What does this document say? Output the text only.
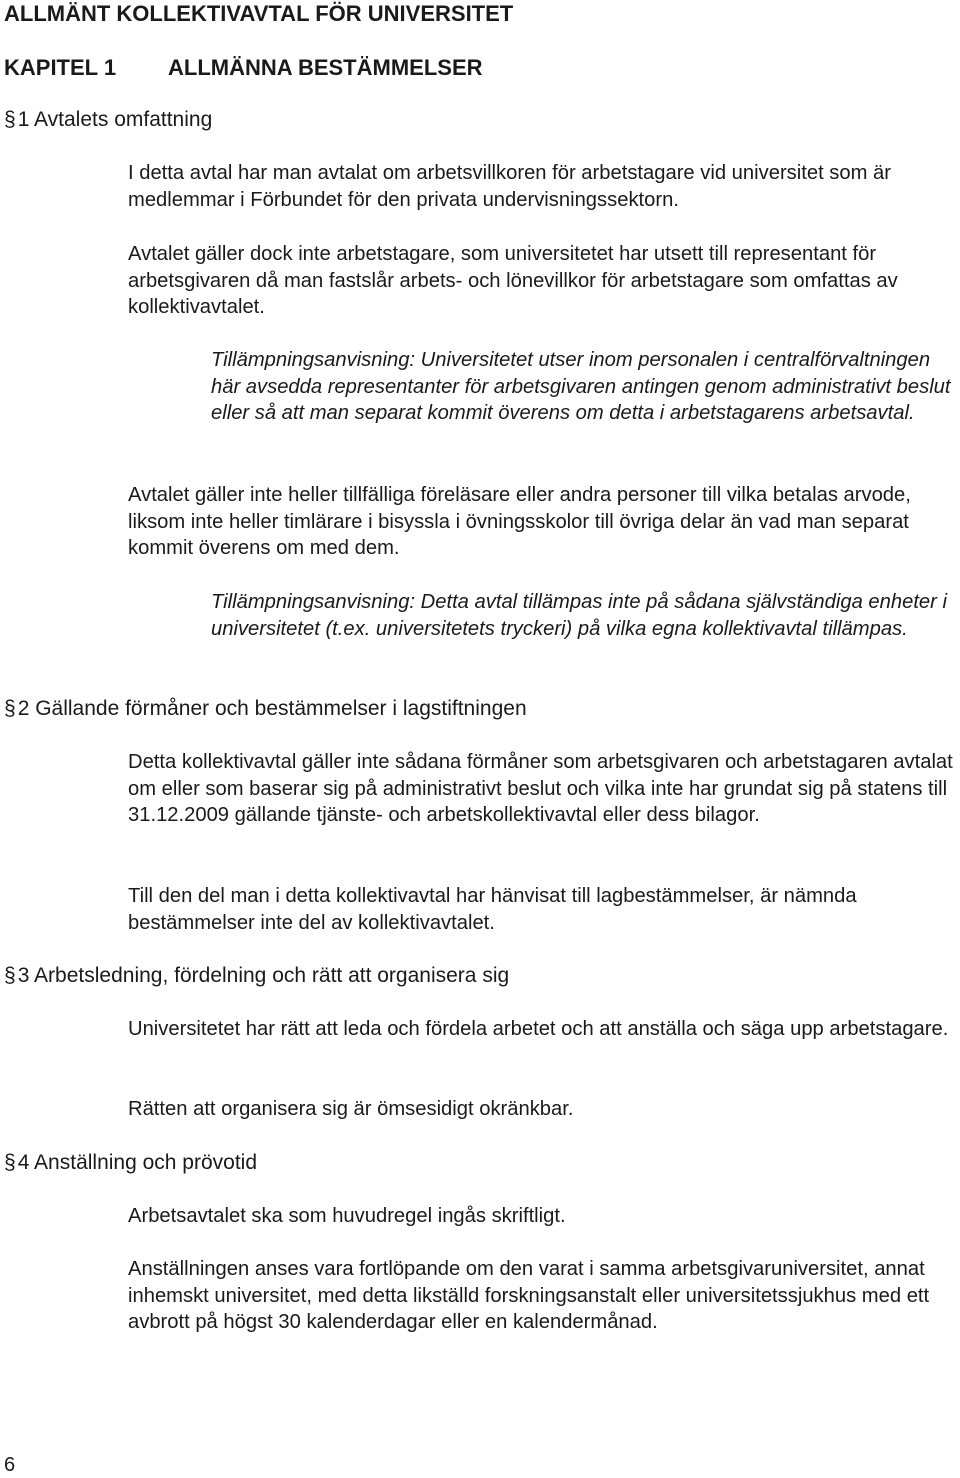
ALLMÄNT KOLLEKTIVAVTAL FÖR UNIVERSITET
KAPITEL 1 ALLMÄNNA BESTÄMMELSER
§1 Avtalets omfattning

I detta avtal har man avtalat om arbetsvillkoren för arbetstagare vid universitet som är medlemmar i Förbundet för den privata undervisningssektorn.

Avtalet gäller dock inte arbetstagare, som universitetet har utsett till representant för arbetsgivaren då man fastslår arbets- och lönevillkor för arbetstagare som omfattas av kollektivavtalet.

Tillämpningsanvisning: Universitetet utser inom personalen i centralförvaltningen här avsedda representanter för arbetsgivaren antingen genom administrativt beslut eller så att man separat kommit överens om detta i arbetstagarens arbetsavtal.

Avtalet gäller inte heller tillfälliga föreläsare eller andra personer till vilka betalas arvode, liksom inte heller timlärare i bisyssla i övningsskolor till övriga delar än vad man separat kommit överens om med dem.

Tillämpningsanvisning: Detta avtal tillämpas inte på sådana självständiga enheter i universitetet (t.ex. universitetets tryckeri) på vilka egna kollektivavtal tillämpas.

§2 Gällande förmåner och bestämmelser i lagstiftningen

Detta kollektivavtal gäller inte sådana förmåner som arbetsgivaren och arbetstagaren avtalat om eller som baserar sig på administrativt beslut och vilka inte har grundat sig på statens till 31.12.2009 gällande tjänste- och arbetskollektivavtal eller dess bilagor.

Till den del man i detta kollektivavtal har hänvisat till lagbestämmelser, är nämnda bestämmelser inte del av kollektivavtalet.

§3 Arbetsledning, fördelning och rätt att organisera sig

Universitetet har rätt att leda och fördela arbetet och att anställa och säga upp arbetstagare.

Rätten att organisera sig är ömsesidigt okränkbar.

§4 Anställning och prövotid

Arbetsavtalet ska som huvudregel ingås skriftligt.

Anställningen anses vara fortlöpande om den varat i samma arbetsgivaruniversitet, annat inhemskt universitet, med detta likställd forskningsanstalt eller universitetssjukhus med ett avbrott på högst 30 kalenderdagar eller en kalendermånad.

6
